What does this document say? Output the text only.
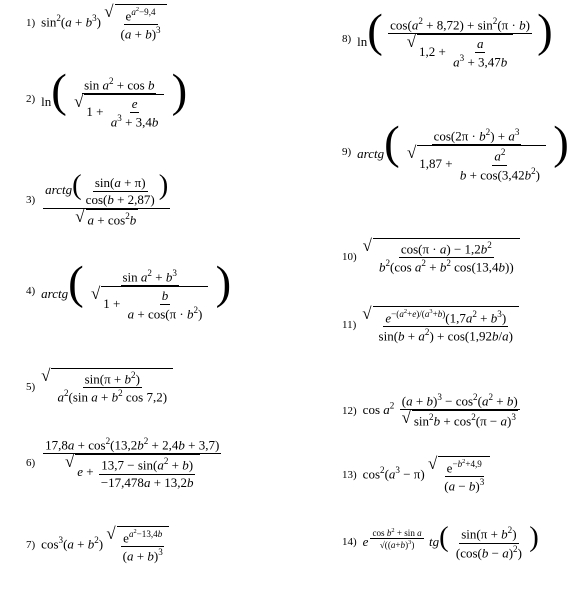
1) $\sin^2(a + b^3)$
√ $\frac{e^{a^2-9,4}}{(a + b)^3}$
2) ln( $\sin a^2 + \cos b$
√
$1 + \frac{e}{a^3 + 3,4b}$ )
$3) \frac{arctg( \frac{\sin(a + \pi)}{\cos(b + 2,87)} )}{√ a + \cos^2b}$
4) arctg( $\sin a^2 + b^3$
√
$1 + \frac{b}{a + \cos(\pi \cdot b^2)}$ )
5)
√ $\frac{\sin(\pi + b^2)}{a^2(\sin a + b^2 \cos 7,2)}$
6) $17,8a + \cos^2(13,2b^2 + 2,4b + 3,7)$
√
$e + \frac{13,7 - \sin(a^2 + b)}{-17,478a + 13,2b}$
7) $\cos^3(a + b^2)$
√ $\frac{e^{a^2-13,4b}}{(a + b)^3}$
8) ln( $\cos(a^2 + 8,72) + \sin^2(\pi \cdot b)$
√
$1,2 + \frac{a}{a^3 + 3,47b}$ )
9) arctg( $\cos(2\pi \cdot b^2) + a^3$
√
$1,87 + \frac{a^2}{b + \cos(3,42b^2)}$ )
10)
√ $\frac{\cos(\pi \cdot a) - 1,2b^2}{b^2(\cos a^2 + b^2 \cos(13,4b))}$
11)
√ $\frac{e^{-(a^2+e)/(a^3+b)}(1,7a^2 + b^3)}{\sin(b + a^2) + \cos(1,92b/a)}$
12) $\cos a^2 \frac{(a + b)^3 - \cos^2(a^2 + b)}{√ \sin^2b + \cos^2(\pi - a)^3}$
13) $\cos^2(a^3 - \pi)$
√ $\frac{e^{-b^2+4,9}}{(a - b)^3}$
14) e $^{\frac{\cos b^2 + \sin a}{√((a+b)^3)}}$ $tg( \frac{\sin(\pi + b^2)}{(\cos(b - a)^2)}$ )
